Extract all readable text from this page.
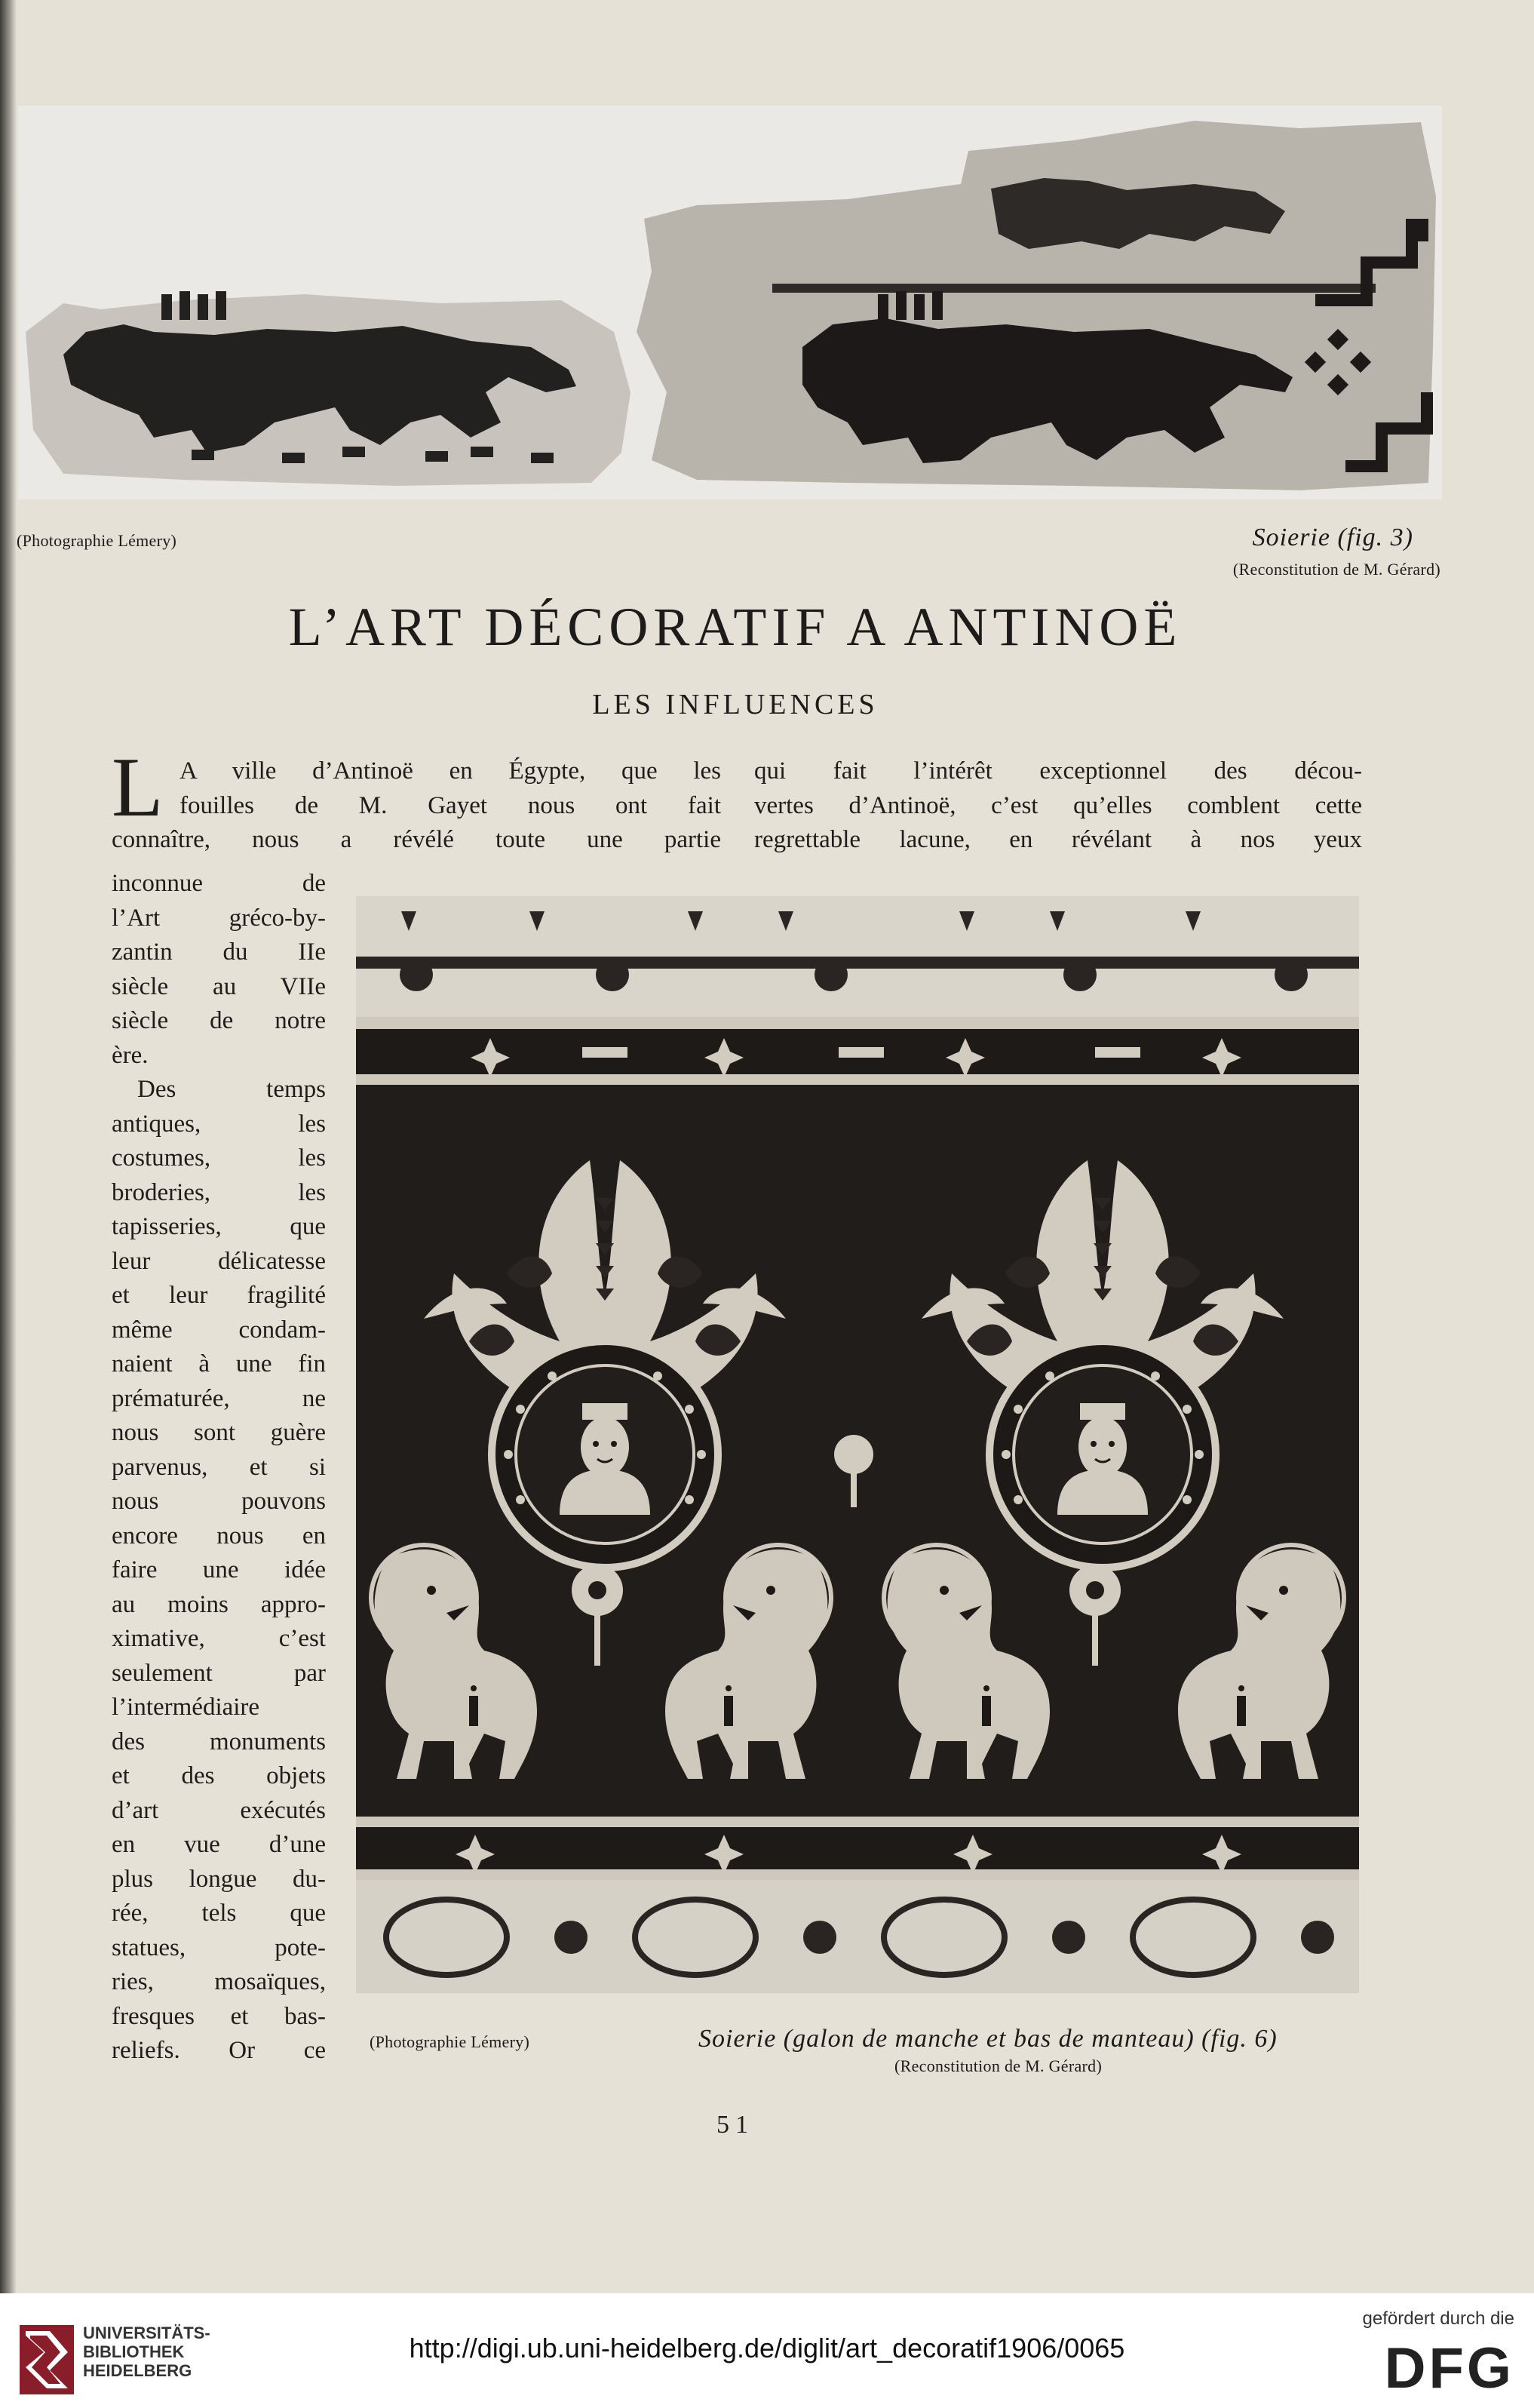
(Photographie Lémery)	Soierie (fig. 3)
(Reconstitution de M. Gérard)
L’ART DÉCORATIF A ANTINOË
LES INFLUENCES
L A ville d’Antinoë en Égypte, que les
fouilles de M. Gayet nous ont fait
connaître, nous a révélé toute une partie
inconnue de
l’Art gréco-by-
zantin du IIe
siècle au VIIe
siècle de notre
ère.
Des temps
antiques, les
costumes, les
broderies, les
tapisseries, que
leur délicatesse
et leur fragilité
même condam-
naient à une fin
prématurée, ne
nous sont guère
parvenus, et si
nous pouvons
encore nous en
faire une idée
au moins appro-
ximative, c’est
seulement par
l’intermédiaire
des monuments
et des objets
d’art exécutés
en vue d’une
plus longue du-
rée, tels que
statues, pote-
ries, mosaïques,
fresques et bas-
reliefs. Or ce
qui fait l’intérêt exceptionnel des décou-
vertes d’Antinoë, c’est qu’elles comblent cette
regrettable lacune, en révélant à nos yeux
(Photographie Lémery)	Soierie (galon de manche et bas de manteau) (fig. 6)
(Reconstitution de M. Gérard)
51
UNIVERSITÄTS-
BIBLIOTHEK
HEIDELBERG
http://digi.ub.uni-heidelberg.de/diglit/art_decoratif1906/0065
gefördert durch die
DFG
